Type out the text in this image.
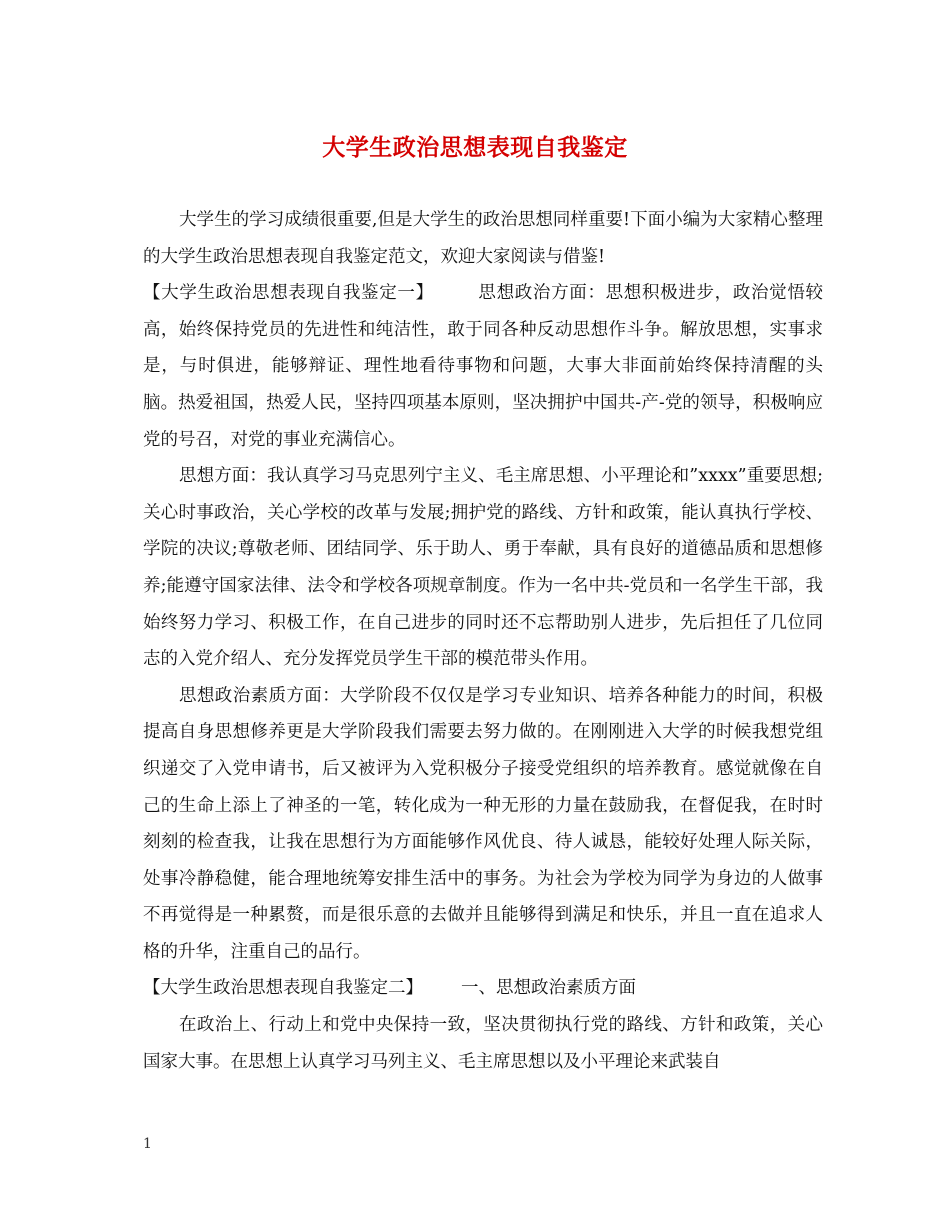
大学生政治思想表现自我鉴定

大学生的学习成绩很重要,但是大学生的政治思想同样重要!下面小编为大家精心整理的大学生政治思想表现自我鉴定范文，欢迎大家阅读与借鉴!

【大学生政治思想表现自我鉴定一】	思想政治方面：思想积极进步，政治觉悟较高，始终保持党员的先进性和纯洁性，敢于同各种反动思想作斗争。解放思想，实事求是，与时俱进，能够辩证、理性地看待事物和问题，大事大非面前始终保持清醒的头脑。热爱祖国，热爱人民，坚持四项基本原则，坚决拥护中国共-产-党的领导，积极响应党的号召，对党的事业充满信心。

思想方面：我认真学习马克思列宁主义、毛主席思想、小平理论和”xxxx”重要思想;关心时事政治，关心学校的改革与发展;拥护党的路线、方针和政策，能认真执行学校、学院的决议;尊敬老师、团结同学、乐于助人、勇于奉献，具有良好的道德品质和思想修养;能遵守国家法律、法令和学校各项规章制度。作为一名中共-党员和一名学生干部，我始终努力学习、积极工作，在自己进步的同时还不忘帮助别人进步，先后担任了几位同志的入党介绍人、充分发挥党员学生干部的模范带头作用。

思想政治素质方面：大学阶段不仅仅是学习专业知识、培养各种能力的时间，积极提高自身思想修养更是大学阶段我们需要去努力做的。在刚刚进入大学的时候我想党组织递交了入党申请书，后又被评为入党积极分子接受党组织的培养教育。感觉就像在自己的生命上添上了神圣的一笔，转化成为一种无形的力量在鼓励我，在督促我，在时时刻刻的检查我，让我在思想行为方面能够作风优良、待人诚恳，能较好处理人际关际，处事冷静稳健，能合理地统筹安排生活中的事务。为社会为学校为同学为身边的人做事不再觉得是一种累赘，而是很乐意的去做并且能够得到满足和快乐，并且一直在追求人格的升华，注重自己的品行。

【大学生政治思想表现自我鉴定二】 一、思想政治素质方面

在政治上、行动上和党中央保持一致，坚决贯彻执行党的路线、方针和政策，关心国家大事。在思想上认真学习马列主义、毛主席思想以及小平理论来武装自

1
